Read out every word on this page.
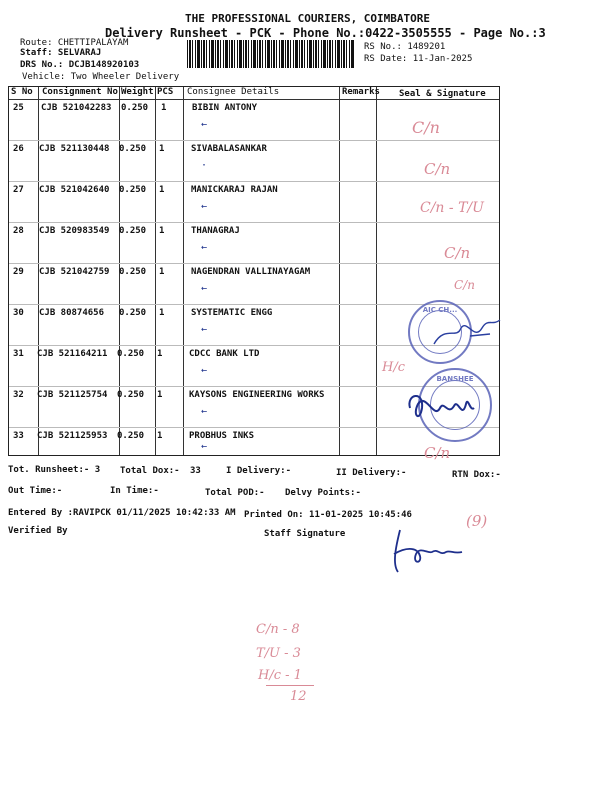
THE PROFESSIONAL COURIERS, COIMBATORE
Delivery Runsheet - PCK - Phone No.:0422-3505555 - Page No.:3
Route: CHETTIPALAYAM
Staff: SELVARAJ
DRS No.: DCJB148920103
Vehicle: Two Wheeler Delivery
RS No.: 1489201
RS Date: 11-Jan-2025
S No Consignment No Weight PCS Consignee Details	Remarks Seal & Signature
25 CJB 521042283 0.250 1	BIBIN ANTONY
←
26 CJB 521130448 0.250 1	SIVABALASANKAR
·
27 CJB 521042640 0.250 1	MANICKARAJ RAJAN
←
28 CJB 520983549 0.250 1	THANAGRAJ
←
29 CJB 521042759 0.250 1	NAGENDRAN VALLINAYAGAM
←
30 CJB 80874656 0.250 1	SYSTEMATIC ENGG
←
31 CJB 521164211 0.250 1	CDCC BANK LTD
←
32 CJB 521125754 0.250 1	KAYSONS ENGINEERING WORKS
←
33 CJB 521125953 0.250 1	PROBHUS INKS
←
C/n
C/n
C/n - T/U
C/n
C/n
H/c
C/n
AIC CH...
BANSHEE
Tot. Runsheet:- 3 Total Dox:- 33	I Delivery:-	II Delivery:-	RTN Dox:-
Out Time:-	In Time:-	Total POD:- Delvy Points:-
Entered By :RAVIPCK 01/11/2025 10:42:33 AM Printed On: 11-01-2025 10:45:46
Verified By	Staff Signature
(9)
C/n - 8
T/U - 3
H/c - 1
12
